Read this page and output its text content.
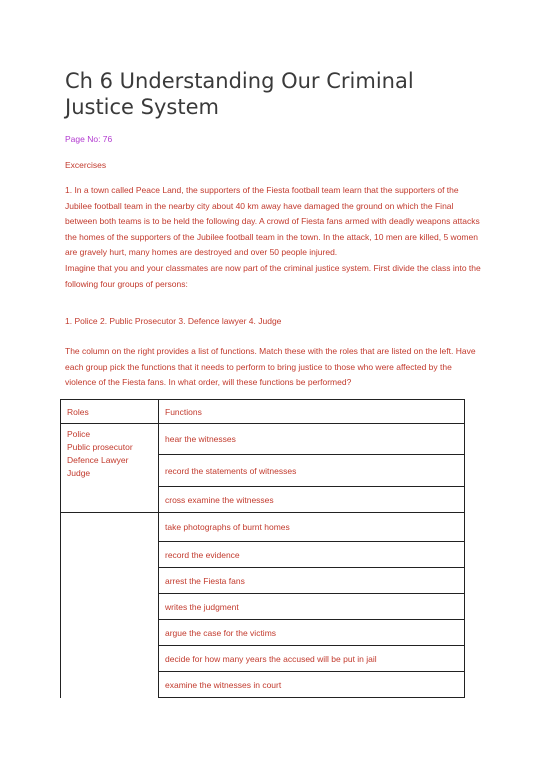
Ch 6 Understanding Our Criminal Justice System
Page No: 76

Excercises

1. In a town called Peace Land, the supporters of the Fiesta football team learn that the supporters of the Jubilee football team in the nearby city about 40 km away have damaged the ground on which the Final between both teams is to be held the following day. A crowd of Fiesta fans armed with deadly weapons attacks the homes of the supporters of the Jubilee football team in the town. In the attack, 10 men are killed, 5 women are gravely hurt, many homes are destroyed and over 50 people injured.

Imagine that you and your classmates are now part of the criminal justice system. First divide the class into the following four groups of persons:

1. Police 2. Public Prosecutor 3. Defence lawyer 4. Judge

The column on the right provides a list of functions. Match these with the roles that are listed on the left. Have each group pick the functions that it needs to perform to bring justice to those who were affected by the violence of the Fiesta fans. In what order, will these functions be performed?

Roles	Functions

Police
Public prosecutor
Defence Lawyer
Judge	hear the witnesses
	record the statements of witnesses
	cross examine the witnesses
	take photographs of burnt homes
	record the evidence
	arrest the Fiesta fans
	writes the judgment
	argue the case for the victims
	decide for how many years the accused will be put in jail
	examine the witnesses in court
